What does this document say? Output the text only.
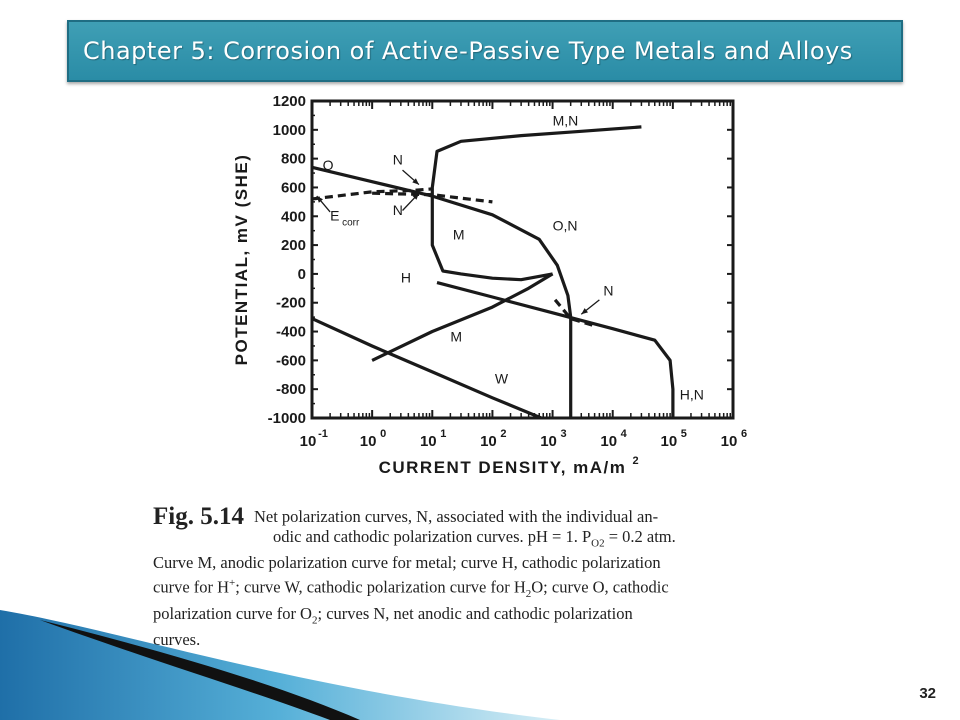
Chapter 5: Corrosion of Active-Passive Type Metals and Alloys
1200
1000
800
600
400
200
0
-200
-400
-600
-800
-1000
10 -1 10 0 10 1 10 2 10 3 10 4 10 5 10 6
CURRENT DENSITY, mA/m 2
POTENTIAL, mV (SHE)
M,N
N
O
N
E
M
O,N
H
N
M
W
H,N
corr
Fig. 5.14 Net polarization curves, N, associated with the individual an-
odic and cathodic polarization curves. pH = 1. $P_{O2} = 0.2$ atm.
Curve M, anodic polarization curve for metal; curve H, cathodic polarization
curve for H+; curve W, cathodic polarization curve for $H_2O$; curve O, cathodic
polarization curve for $O_2$; curves N, net anodic and cathodic polarization
curves.
32
